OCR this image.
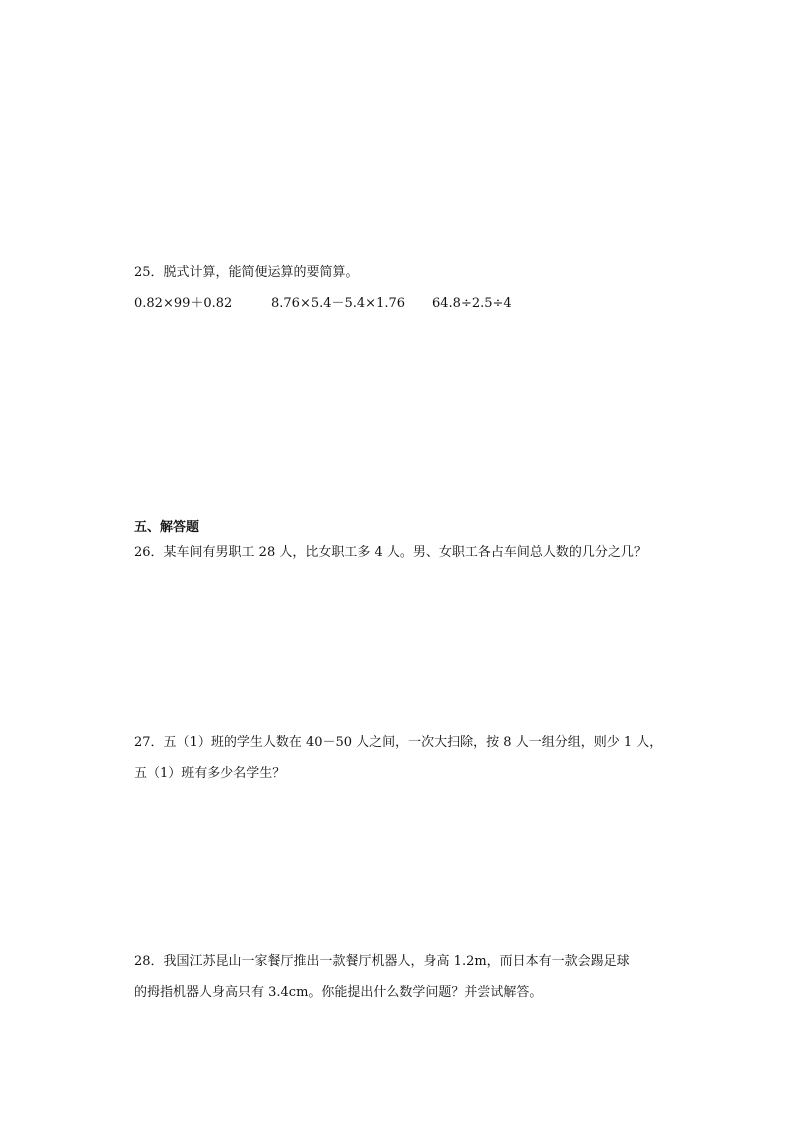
25．脱式计算，能简便运算的要简算。
0.82×99＋0.82	8.76×5.4－5.4×1.76 64.8÷2.5÷4
五、解答题
26．某车间有男职工 28 人，比女职工多 4 人。男、女职工各占车间总人数的几分之几？
27．五（1）班的学生人数在 40－50 人之间，一次大扫除，按 8 人一组分组，则少 1 人，
五（1）班有多少名学生？
28．我国江苏昆山一家餐厅推出一款餐厅机器人，身高 1.2m，而日本有一款会踢足球
的拇指机器人身高只有 3.4cm。你能提出什么数学问题？并尝试解答。
